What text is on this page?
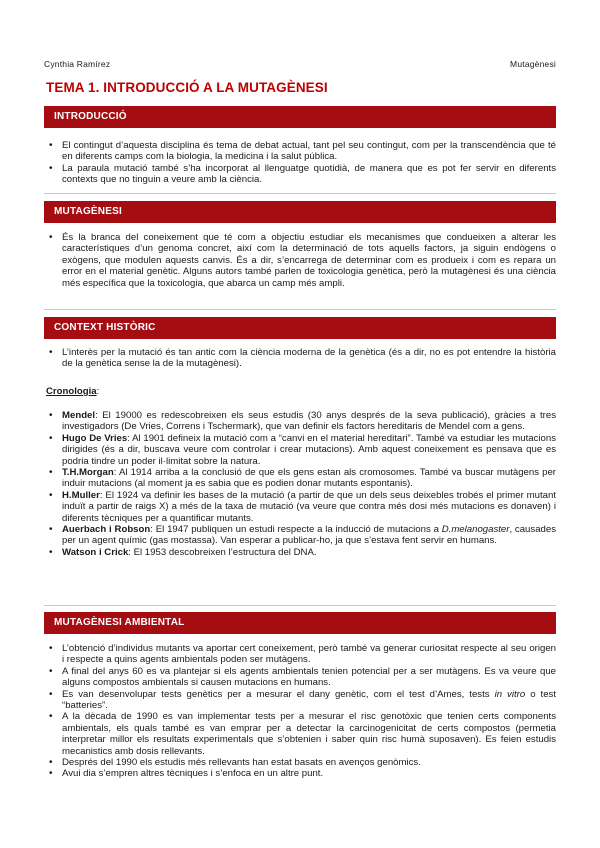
Cynthia Ramírez	Mutagènesi
TEMA 1. INTRODUCCIÓ A LA MUTAGÈNESI
INTRODUCCIÓ
• El contingut d’aquesta disciplina és tema de debat actual, tant pel seu contingut, com per la transcendència que té en diferents camps com la biologia, la medicina i la salut pública.
• La paraula mutació també s’ha incorporat al llenguatge quotidià, de manera que es pot fer servir en diferents contexts que no tinguin a veure amb la ciència.
MUTAGÈNESI
• És la branca del coneixement que té com a objectiu estudiar els mecanismes que condueixen a alterar les característiques d’un genoma concret, així com la determinació de tots aquells factors, ja siguin endògens o exògens, que modulen aquests canvis. És a dir, s’encarrega de determinar com es produeix i com es repara un error en el material genètic. Alguns autors també parlen de toxicologia genètica, però la mutagènesi és una ciència més específica que la toxicologia, que abarca un camp més ampli.
CONTEXT HISTÒRIC
• L’interès per la mutació és tan antic com la ciència moderna de la genètica (és a dir, no es pot entendre la història de la genètica sense la de la mutagènesi).
Cronologia:
• Mendel: El 19000 es redescobreixen els seus estudis (30 anys després de la seva publicació), gràcies a tres investigadors (De Vries, Correns i Tschermark), que van definir els factors hereditaris de Mendel com a gens.
• Hugo De Vries: Al 1901 defineix la mutació com a “canvi en el material hereditari”. També va estudiar les mutacions dirigides (és a dir, buscava veure com controlar i crear mutacions). Amb aquest coneixement es pensava que es podria tindre un poder il·limitat sobre la natura.
• T.H.Morgan: Al 1914 arriba a la conclusió de que els gens estan als cromosomes. També va buscar mutàgens per induir mutacions (al moment ja es sabia que es podien donar mutants espontanis).
• H.Muller: El 1924 va definir les bases de la mutació (a partir de que un dels seus deixebles trobés el primer mutant induït a partir de raigs X) a més de la taxa de mutació (va veure que contra més dosi més mutacions es donaven) i diferents tècniques per a quantificar mutants.
• Auerbach i Robson: El 1947 publiquen un estudi respecte a la inducció de mutacions a D.melanogaster, causades per un agent químic (gas mostassa). Van esperar a publicar-ho, ja que s’estava fent servir en humans.
• Watson i Crick: El 1953 descobreixen l’estructura del DNA.
MUTAGÈNESI AMBIENTAL
• L’obtenció d’individus mutants va aportar cert coneixement, però també va generar curiositat respecte al seu origen i respecte a quins agents ambientals poden ser mutàgens.
• A final del anys 60 es va plantejar si els agents ambientals tenien potencial per a ser mutàgens. Es va veure que alguns compostos ambientals si causen mutacions en humans.
• Es van desenvolupar tests genètics per a mesurar el dany genètic, com el test d’Ames, tests in vitro o test “batteries”.
• A la dècada de 1990 es van implementar tests per a mesurar el risc genotòxic que tenien certs components ambientals, els quals també es van emprar per a detectar la carcinogenicitat de certs compostos (permetia interpretar millor els resultats experimentals que s’obtenien i saber quin risc humà suposaven). Es feien estudis mecanistics amb dosis rellevants.
• Després del 1990 els estudis més rellevants han estat basats en avenços genòmics.
• Avui dia s’empren altres tècniques i s’enfoca en un altre punt.
